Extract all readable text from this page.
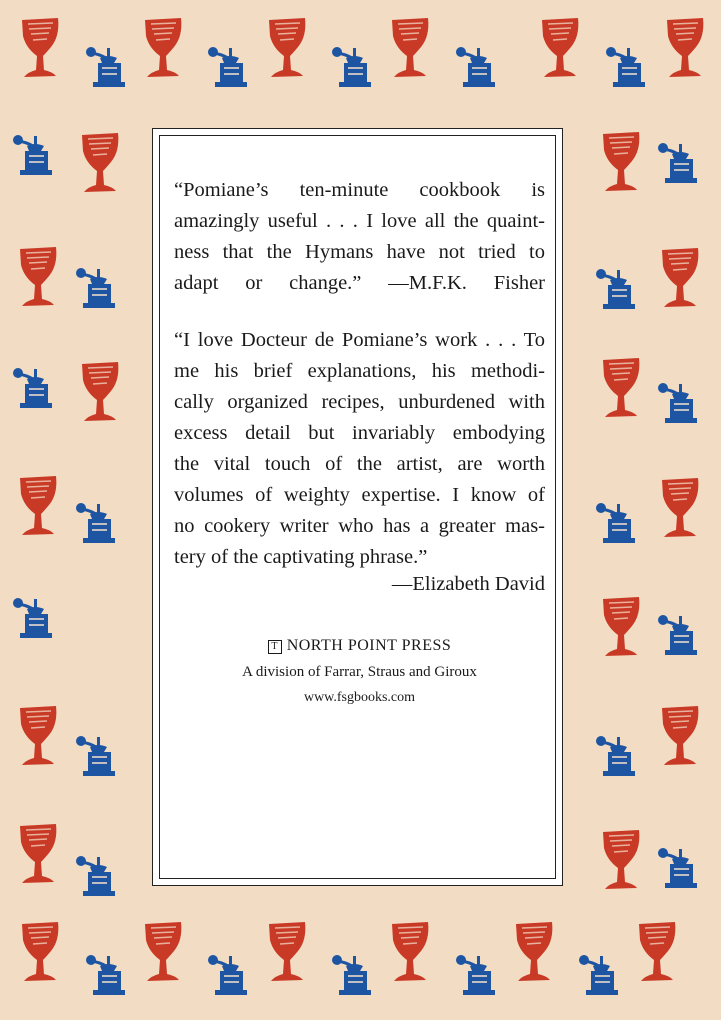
“Pomiane’s ten-minute cookbook is
amazingly useful . . . I love all the quaint-
ness that the Hymans have not tried to
adapt or change.” —M.F.K. Fisher
“I love Docteur de Pomiane’s work . . . To
me his brief explanations, his methodi-
cally organized recipes, unburdened with
excess detail but invariably embodying
the vital touch of the artist, are worth
volumes of weighty expertise. I know of
no cookery writer who has a greater mas-
tery of the captivating phrase.”
—Elizabeth David
T NORTH POINT PRESS
A division of Farrar, Straus and Giroux
www.fsgbooks.com
